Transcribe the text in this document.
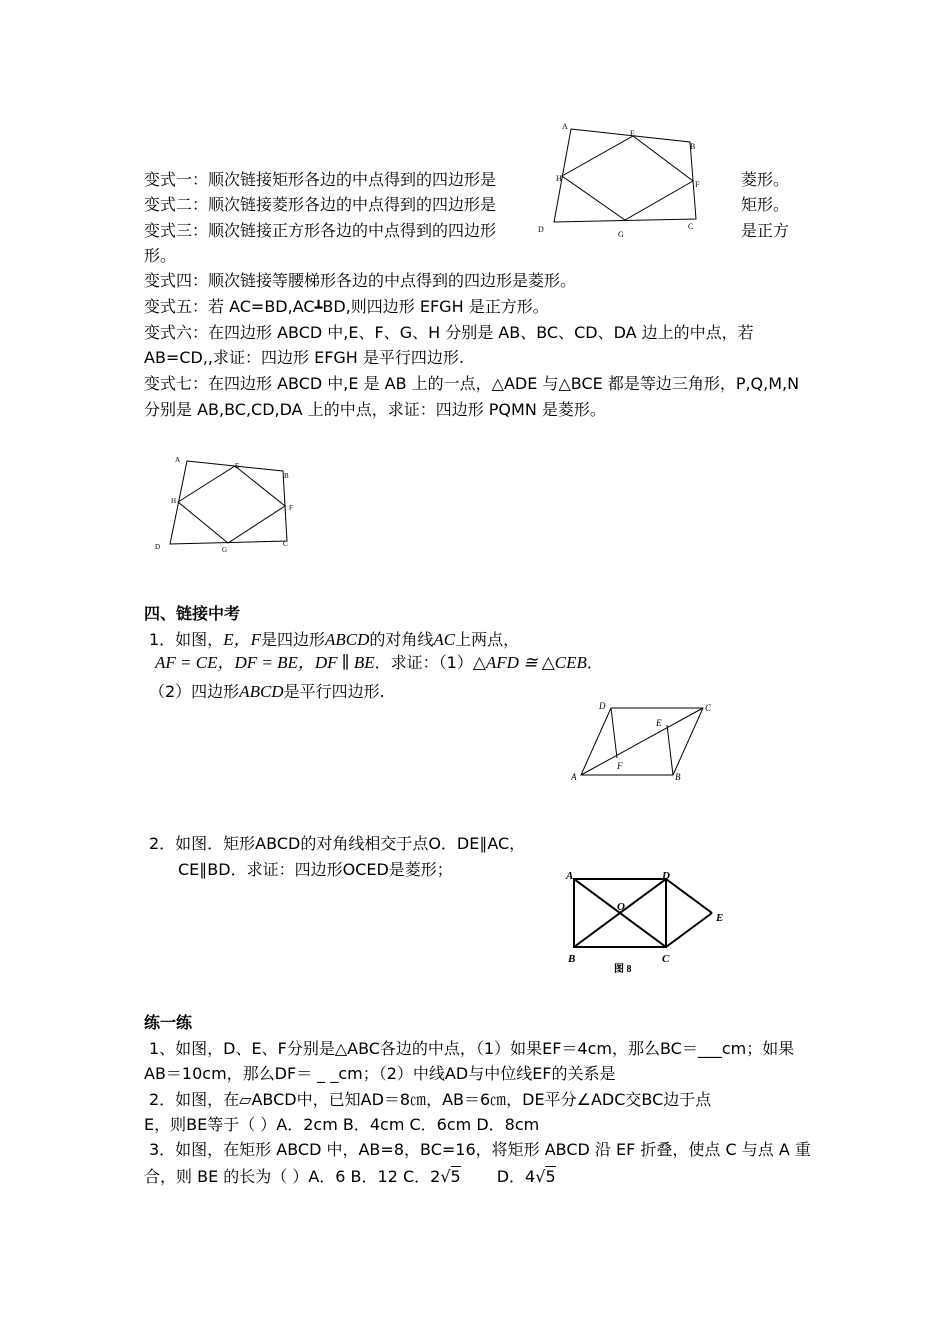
变式一：顺次链接矩形各边的中点得到的四边形是	菱形。
变式二：顺次链接菱形各边的中点得到的四边形是	矩形。
变式三：顺次链接正方形各边的中点得到的四边形	是正方
形。
变式四：顺次链接等腰梯形各边的中点得到的四边形是菱形。
变式五：若 AC=BD,AC┻BD,则四边形 EFGH 是正方形。
变式六：在四边形 ABCD 中,E、F、G、H 分别是 AB、BC、CD、DA 边上的中点，若
AB=CD,,求证：四边形 EFGH 是平行四边形.
变式七：在四边形 ABCD 中,E 是 AB 上的一点，△ADE 与△BCE 都是等边三角形，P,Q,M,N
分别是 AB,BC,CD,DA 上的中点，求证：四边形 PQMN 是菱形。
A
E
B
H
F
D
G
C
A
E
B
H
F
D	G
C
四、链接中考
1．如图，E，F是四边形ABCD的对角线AC上两点，
AF = CE，DF = BE，DF ∥ BE．求证：（1）△AFD ≅ △CEB．
（2）四边形ABCD是平行四边形.
D	C
E
F
A	B
2．如图．矩形ABCD的对角线相交于点O．DE∥AC，
CE∥BD．求证：四边形OCED是菱形；	A	D
O
E
B	C
图 8
练一练
1、如图，D、E、F分别是△ABC各边的中点，（1）如果EF＝4cm，那么BC＝___cm；如果
AB＝10cm，那么DF＝ _ _cm；（2）中线AD与中位线EF的关系是
2．如图，在▱ABCD中，已知AD＝8㎝，AB＝6㎝，DE平分∠ADC交BC边于点
E，则BE等于（ ）A．2cm B．4cm C．6cm D．8cm
3．如图，在矩形 ABCD 中，AB=8，BC=16，将矩形 ABCD 沿 EF 折叠，使点 C 与点 A 重
合，则 BE 的长为（ ）A．6 B．12 C．2√5 D．4√5
